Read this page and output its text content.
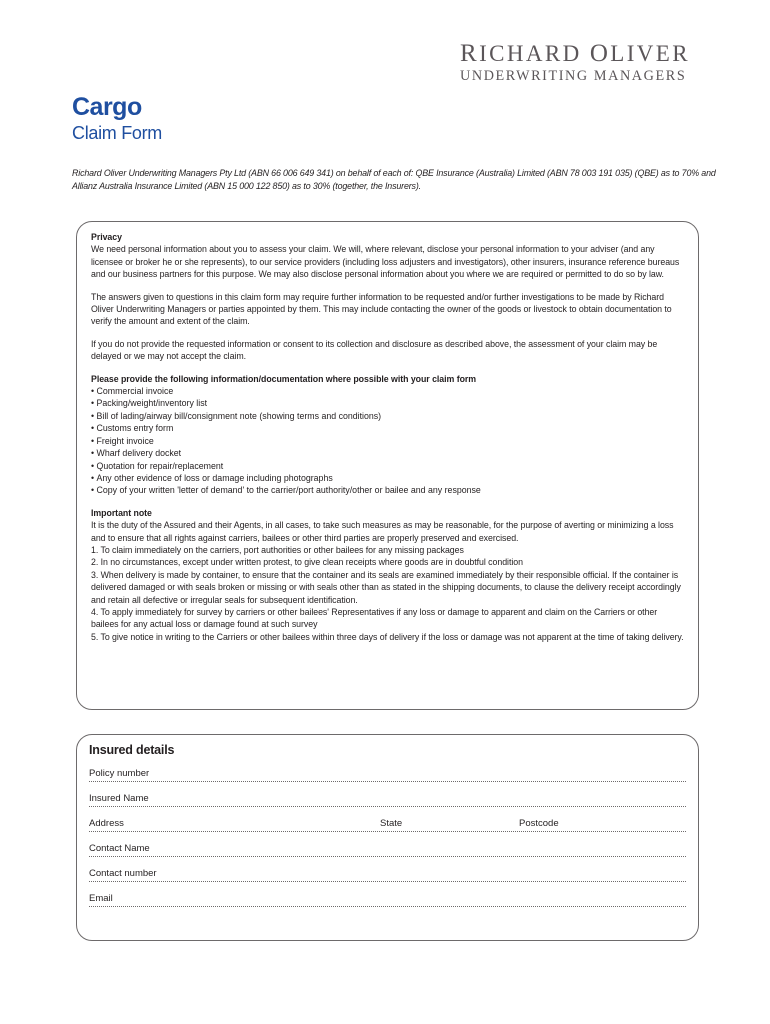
RICHARD OLIVER
UNDERWRITING MANAGERS
Cargo
Claim Form

Richard Oliver Underwriting Managers Pty Ltd (ABN 66 006 649 341) on behalf of each of: QBE Insurance (Australia) Limited (ABN 78 003 191 035) (QBE) as to 70% and Allianz Australia Insurance Limited (ABN 15 000 122 850) as to 30% (together, the Insurers).

Privacy

We need personal information about you to assess your claim. We will, where relevant, disclose your personal information to your adviser (and any licensee or broker he or she represents), to our service providers (including loss adjusters and investigators), other insurers, insurance reference bureaus and our business partners for this purpose. We may also disclose personal information about you where we are required or permitted to do so by law.

The answers given to questions in this claim form may require further information to be requested and/or further investigations to be made by Richard Oliver Underwriting Managers or parties appointed by them. This may include contacting the owner of the goods or livestock to obtain documentation to verify the amount and extent of the claim.

If you do not provide the requested information or consent to its collection and disclosure as described above, the assessment of your claim may be delayed or we may not accept the claim.

Please provide the following information/documentation where possible with your claim form

• Commercial invoice
• Packing/weight/inventory list
• Bill of lading/airway bill/consignment note (showing terms and conditions)
• Customs entry form
• Freight invoice
• Wharf delivery docket
• Quotation for repair/replacement
• Any other evidence of loss or damage including photographs
• Copy of your written 'letter of demand' to the carrier/port authority/other or bailee and any response

Important note

It is the duty of the Assured and their Agents, in all cases, to take such measures as may be reasonable, for the purpose of averting or minimizing a loss and to ensure that all rights against carriers, bailees or other third parties are properly preserved and exercised.

1. To claim immediately on the carriers, port authorities or other bailees for any missing packages

2. In no circumstances, except under written protest, to give clean receipts where goods are in doubtful condition

3. When delivery is made by container, to ensure that the container and its seals are examined immediately by their responsible official. If the container is delivered damaged or with seals broken or missing or with seals other than as stated in the shipping documents, to clause the delivery receipt accordingly and retain all defective or irregular seals for subsequent identification.

4. To apply immediately for survey by carriers or other bailees' Representatives if any loss or damage to apparent and claim on the Carriers or other bailees for any actual loss or damage found at such survey

5. To give notice in writing to the Carriers or other bailees within three days of delivery if the loss or damage was not apparent at the time of taking delivery.

Insured details
Policy number
Insured Name
Address	State	Postcode
Contact Name
Contact number
Email
